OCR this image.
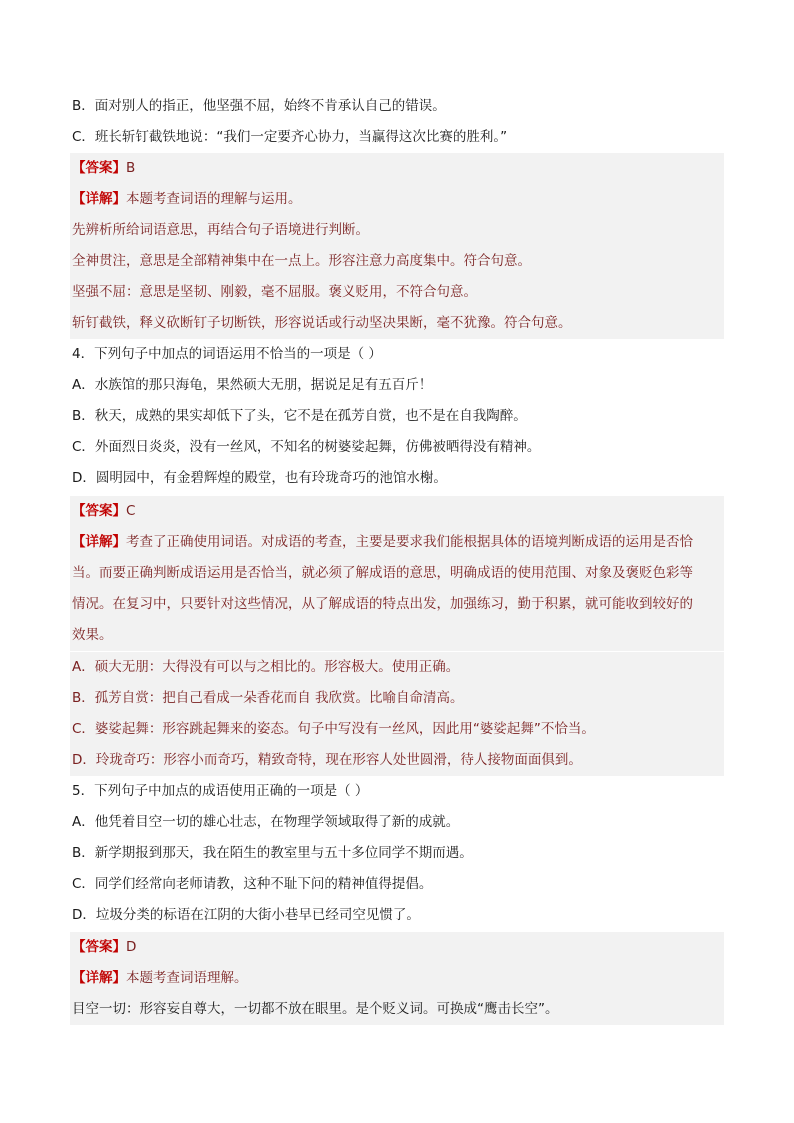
B．面对别人的指正，他坚强不屈，始终不肯承认自己的错误。
C．班长斩钉截铁地说：“我们一定要齐心协力，当赢得这次比赛的胜利。”
【答案】B
【详解】本题考查词语的理解与运用。
先辨析所给词语意思，再结合句子语境进行判断。
全神贯注，意思是全部精神集中在一点上。形容注意力高度集中。符合句意。
坚强不屈：意思是坚韧、刚毅，毫不屈服。褒义贬用，不符合句意。
斩钉截铁，释义砍断钉子切断铁，形容说话或行动坚决果断，毫不犹豫。符合句意。
4．下列句子中加点的词语运用不恰当的一项是（ ）
A．水族馆的那只海龟，果然硕大无朋，据说足足有五百斤！
B．秋天，成熟的果实却低下了头，它不是在孤芳自赏，也不是在自我陶醉。
C．外面烈日炎炎，没有一丝风，不知名的树婆娑起舞，仿佛被晒得没有精神。
D．圆明园中，有金碧辉煌的殿堂，也有玲珑奇巧的池馆水榭。
【答案】C
【详解】考查了正确使用词语。对成语的考查，主要是要求我们能根据具体的语境判断成语的运用是否恰
当。而要正确判断成语运用是否恰当，就必须了解成语的意思，明确成语的使用范围、对象及褒贬色彩等
情况。在复习中，只要针对这些情况，从了解成语的特点出发，加强练习，勤于积累，就可能收到较好的
效果。
A．硕大无朋：大得没有可以与之相比的。形容极大。使用正确。
B．孤芳自赏：把自己看成一朵香花而自 我欣赏。比喻自命清高。
C．婆娑起舞：形容跳起舞来的姿态。句子中写没有一丝风，因此用“婆娑起舞”不恰当。
D．玲珑奇巧：形容小而奇巧，精致奇特，现在形容人处世圆滑，待人接物面面俱到。
5．下列句子中加点的成语使用正确的一项是（ ）
A．他凭着目空一切的雄心壮志，在物理学领域取得了新的成就。
B．新学期报到那天，我在陌生的教室里与五十多位同学不期而遇。
C．同学们经常向老师请教，这种不耻下问的精神值得提倡。
D．垃圾分类的标语在江阴的大街小巷早已经司空见惯了。
【答案】D
【详解】本题考查词语理解。
目空一切：形容妄自尊大，一切都不放在眼里。是个贬义词。可换成“鹰击长空”。
